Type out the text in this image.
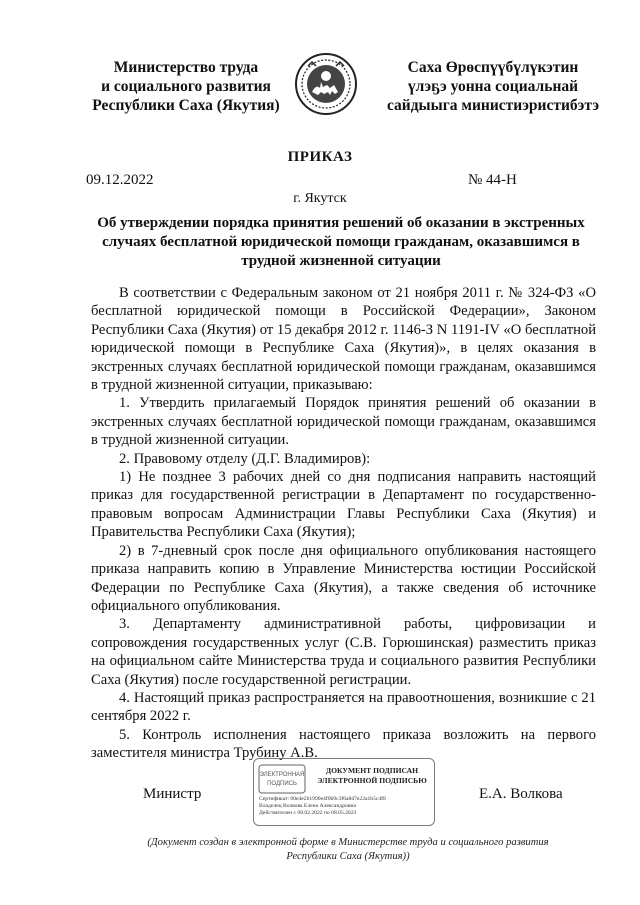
Министерство труда
и социального развития
Республики Саха (Якутия)
Саха Өрөспүүбүлүкэтин
үлэҕэ уонна социальнай
сайдыыга министиэристибэтэ
ПРИКАЗ
09.12.2022	№ 44-Н
г. Якутск
Об утверждении порядка принятия решений об оказании в экстренных случаях бесплатной юридической помощи гражданам, оказавшимся в трудной жизненной ситуации

В соответствии с Федеральным законом от 21 ноября 2011 г. № 324-ФЗ «О бесплатной юридической помощи в Российской Федерации», Законом Республики Саха (Якутия) от 15 декабря 2012 г. 1146-З N 1191-IV «О бесплатной юридической помощи в Республике Саха (Якутия)», в целях оказания в экстренных случаях бесплатной юридической помощи гражданам, оказавшимся в трудной жизненной ситуации, приказываю:

1. Утвердить прилагаемый Порядок принятия решений об оказании в экстренных случаях бесплатной юридической помощи гражданам, оказавшимся в трудной жизненной ситуации.

2. Правовому отделу (Д.Г. Владимиров):

1) Не позднее 3 рабочих дней со дня подписания направить настоящий приказ для государственной регистрации в Департамент по государственно-правовым вопросам Администрации Главы Республики Саха (Якутия) и Правительства Республики Саха (Якутия);

2) в 7-дневный срок после дня официального опубликования настоящего приказа направить копию в Управление Министерства юстиции Российской Федерации по Республике Саха (Якутия), а также сведения об источнике официального опубликования.

3. Департаменту административной работы, цифровизации и сопровождения государственных услуг (С.В. Горюшинская) разместить приказ на официальном сайте Министерства труда и социального развития Республики Саха (Якутия) после государственной регистрации.

4. Настоящий приказ распространяется на правоотношения, возникшие с 21 сентября 2022 г.

5. Контроль исполнения настоящего приказа возложить на первого заместителя министра Трубину А.В.

Министр
ЭЛЕКТРОННАЯ
ПОДПИСЬ
ДОКУМЕНТ ПОДПИСАН ЭЛЕКТРОННОЙ ПОДПИСЬЮ
Сертификат: 00e4e2b1990e4f0b9c3f6a8d7e22a1b5c4f8
Владелец Волкова Елена Александровна
Действителен с 08.02.2022 по 08.05.2023
Е.А. Волкова
(Документ создан в электронной форме в Министерстве труда и социального развития Республики Саха (Якутия))
